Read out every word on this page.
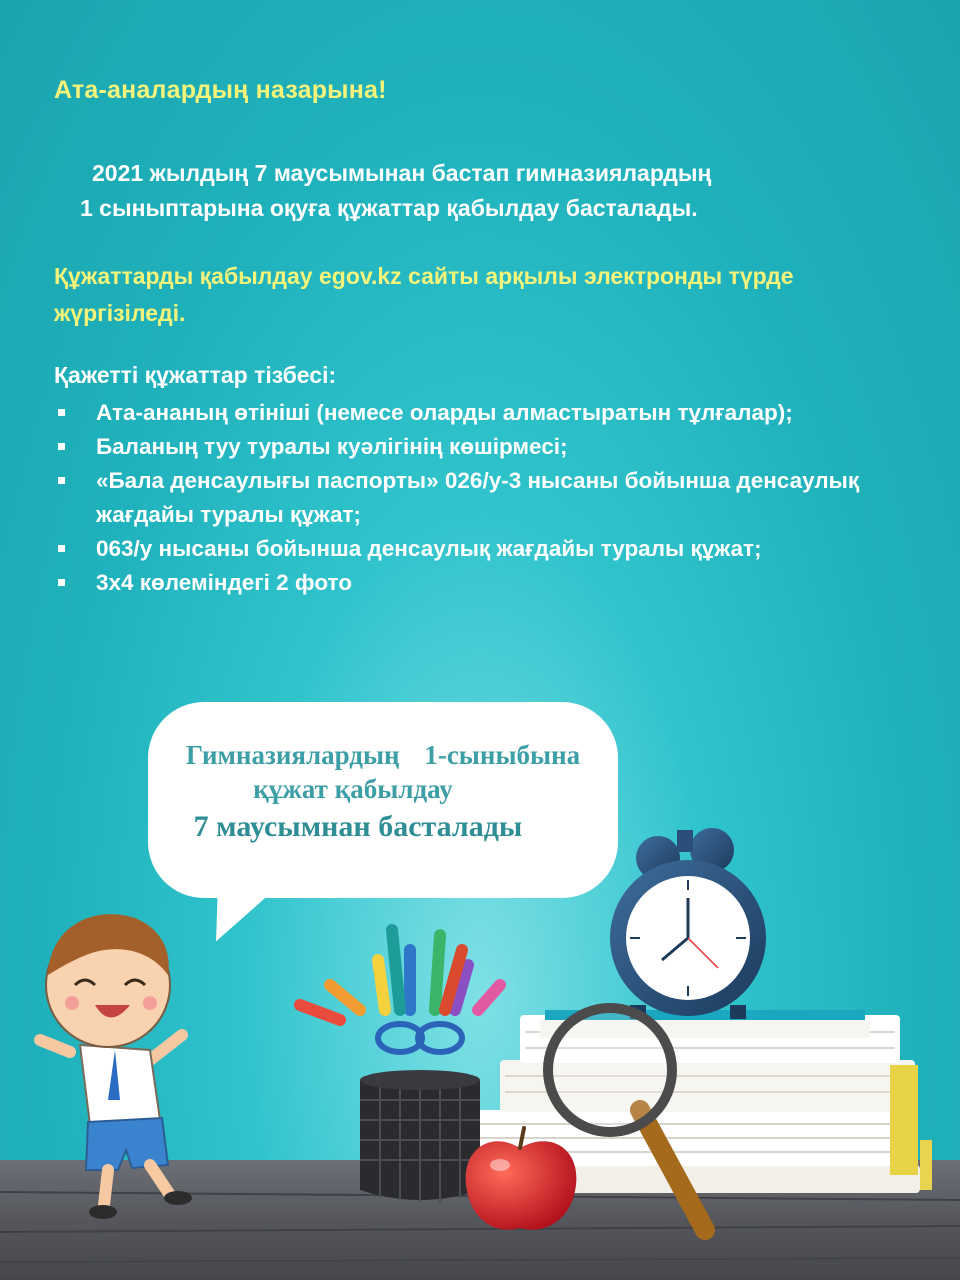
Ата-аналардың назарына!
2021 жылдың 7 маусымынан бастап гимназиялардың
1 сыныптарына оқуға құжаттар қабылдау басталады.
Құжаттарды қабылдау egov.kz сайты арқылы электронды түрде жүргізіледі.
Қажетті құжаттар тізбесі:
Ата-ананың өтініші (немесе оларды алмастыратын тұлғалар);
Баланың туу туралы куәлігінің көшірмесі;
«Бала денсаулығы паспорты» 026/у-3 нысаны бойынша денсаулық жағдайы туралы құжат;
063/у нысаны бойынша денсаулық жағдайы туралы құжат;
3х4 көлеміндегі 2 фото
Гимназиялардың 1-сыныбына
құжат қабылдау
7 маусымнан басталады
